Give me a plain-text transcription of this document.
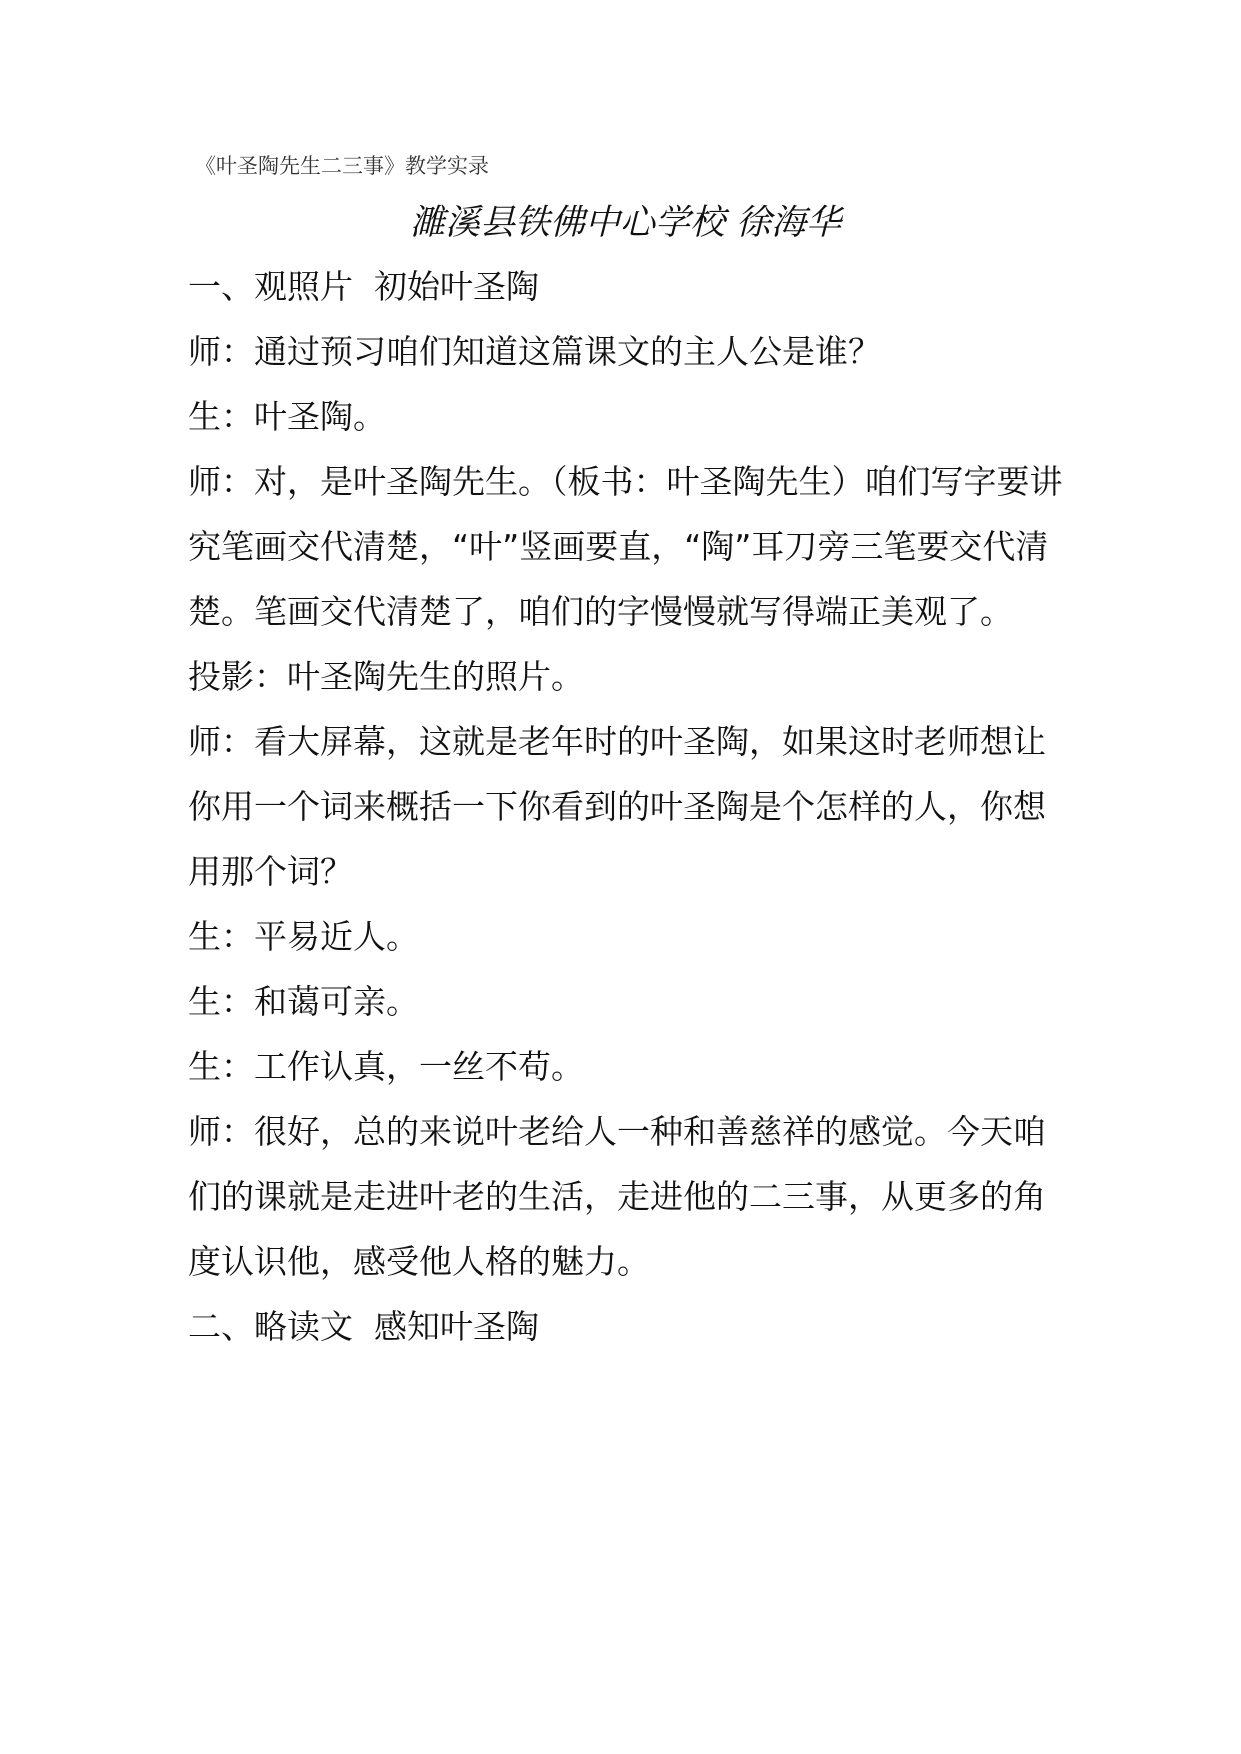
《叶圣陶先生二三事》教学实录
濉溪县铁佛中心学校 徐海华

一、观照片  初始叶圣陶

师：通过预习咱们知道这篇课文的主人公是谁？

生：叶圣陶。

师：对，是叶圣陶先生。（板书：叶圣陶先生）咱们写字要讲究笔画交代清楚，“叶”竖画要直，“陶”耳刀旁三笔要交代清楚。笔画交代清楚了，咱们的字慢慢就写得端正美观了。

投影：叶圣陶先生的照片。

师：看大屏幕，这就是老年时的叶圣陶，如果这时老师想让你用一个词来概括一下你看到的叶圣陶是个怎样的人，你想用那个词？

生：平易近人。

生：和蔼可亲。

生：工作认真，一丝不苟。

师：很好，总的来说叶老给人一种和善慈祥的感觉。今天咱们的课就是走进叶老的生活，走进他的二三事，从更多的角度认识他，感受他人格的魅力。

二、略读文  感知叶圣陶
